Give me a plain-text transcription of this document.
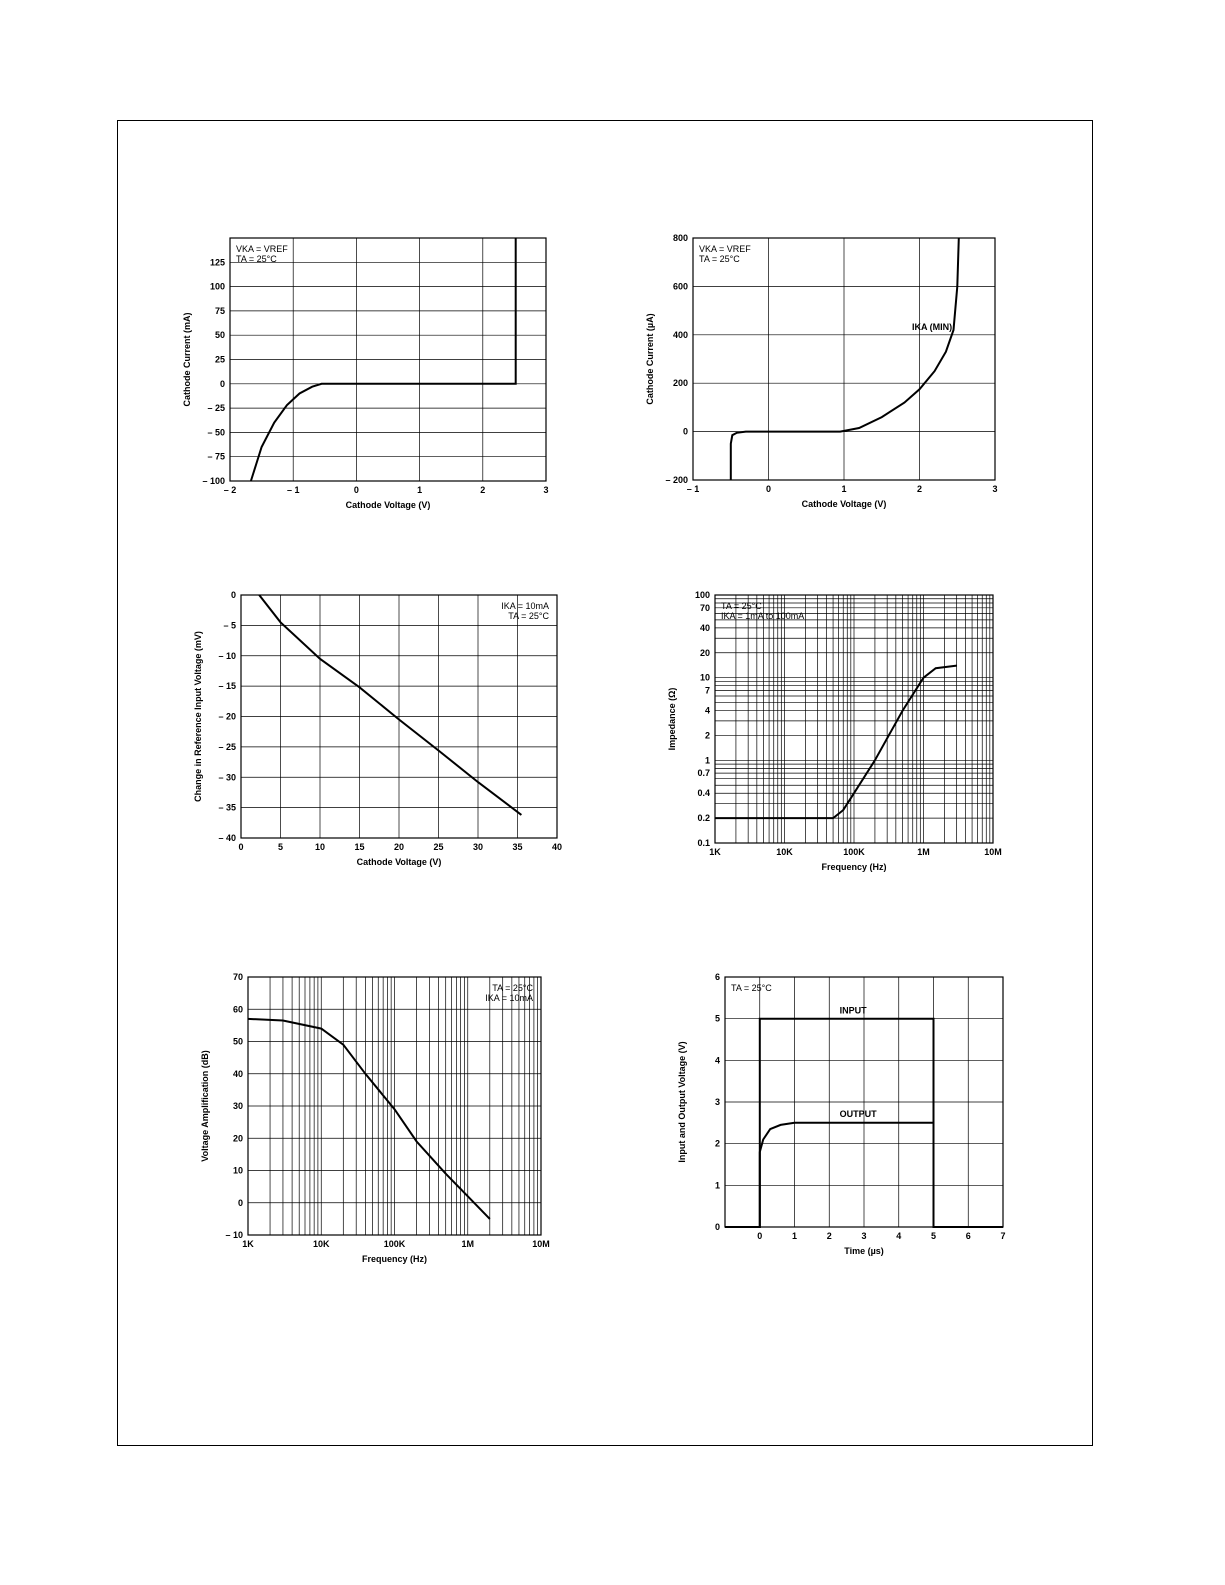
– 2	– 1	0	1	2	3
– 100
– 75
– 50
– 25
0
25
50
75
100
125
Cathode Voltage (V)
Cathode Current (mA)
VKA = VREF
TA = 25°C
– 1	0	1	2	3
– 200
0
200
400
600
800
Cathode Voltage (V)
Cathode Current (µA)
VKA = VREF
TA = 25°C
IKA (MIN)
0	5	10	15	20	25	30	35	40
0
– 5
– 10
– 15
– 20
– 25
– 30
– 35
– 40
Cathode Voltage (V)
Change in Reference Input Voltage (mV)
IKA = 10mA
TA = 25°C
1K	10K	100K	1M	10M
0.1
0.2
0.4
0.7
1
2
4
7
10
20
40
70
100
Frequency (Hz)
Impedance (Ω)
TA = 25°C
IKA = 1mA to 100mA
1K	10K	100K	1M	10M
70
60
50
40
30
20
10
0
– 10
Frequency (Hz)
Voltage Amplification (dB)
TA = 25°C
IKA = 10mA
0	1	2	3	4	5	6	7
0
1
2
3
4
5
6
INPUT
OUTPUT
Time (µs)
Input and Output Voltage (V)
TA = 25°C
